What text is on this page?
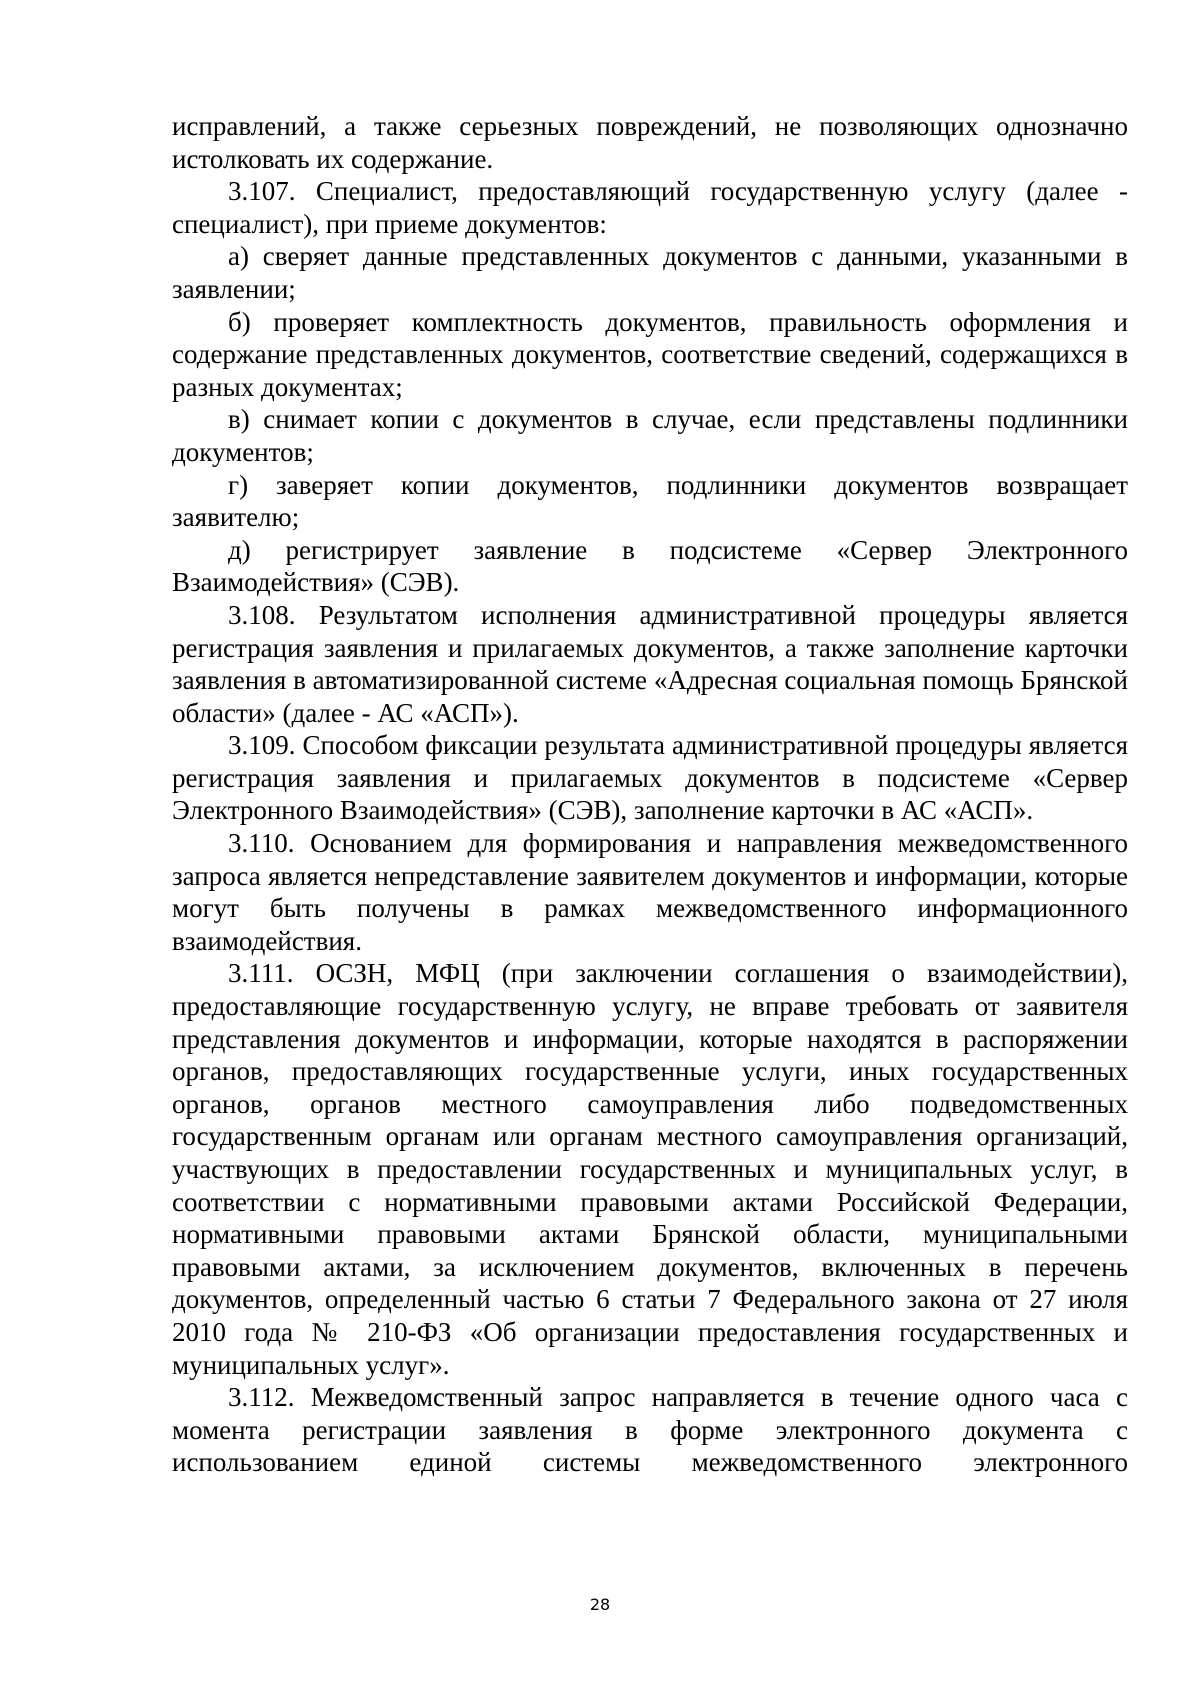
исправлений, а также серьезных повреждений, не позволяющих однозначно истолковать их содержание.

3.107. Специалист, предоставляющий государственную услугу (далее - специалист), при приеме документов:

а) сверяет данные представленных документов с данными, указанными в заявлении;

б) проверяет комплектность документов, правильность оформления и содержание представленных документов, соответствие сведений, содержащихся в разных документах;

в) снимает копии с документов в случае, если представлены подлинники документов;

г) заверяет копии документов, подлинники документов возвращает заявителю;

д) регистрирует заявление в подсистеме «Сервер Электронного Взаимодействия» (СЭВ).

3.108. Результатом исполнения административной процедуры является регистрация заявления и прилагаемых документов, а также заполнение карточки заявления в автоматизированной системе «Адресная социальная помощь Брянской области» (далее - АС «АСП»).

3.109. Способом фиксации результата административной процедуры является регистрация заявления и прилагаемых документов в подсистеме «Сервер Электронного Взаимодействия» (СЭВ), заполнение карточки в АС «АСП».

3.110. Основанием для формирования и направления межведомственного запроса является непредставление заявителем документов и информации, которые могут быть получены в рамках межведомственного информационного взаимодействия.

3.111. ОСЗН, МФЦ (при заключении соглашения о взаимодействии), предоставляющие государственную услугу, не вправе требовать от заявителя представления документов и информации, которые находятся в распоряжении органов, предоставляющих государственные услуги, иных государственных органов, органов местного самоуправления либо подведомственных государственным органам или органам местного самоуправления организаций, участвующих в предоставлении государственных и муниципальных услуг, в соответствии с нормативными правовыми актами Российской Федерации, нормативными правовыми актами Брянской области, муниципальными правовыми актами, за исключением документов, включенных в перечень документов, определенный частью 6 статьи 7 Федерального закона от 27 июля 2010 года № 210-ФЗ «Об организации предоставления государственных и муниципальных услуг».

3.112. Межведомственный запрос направляется в течение одного часа с момента регистрации заявления в форме электронного документа с использованием единой системы межведомственного электронного

28
